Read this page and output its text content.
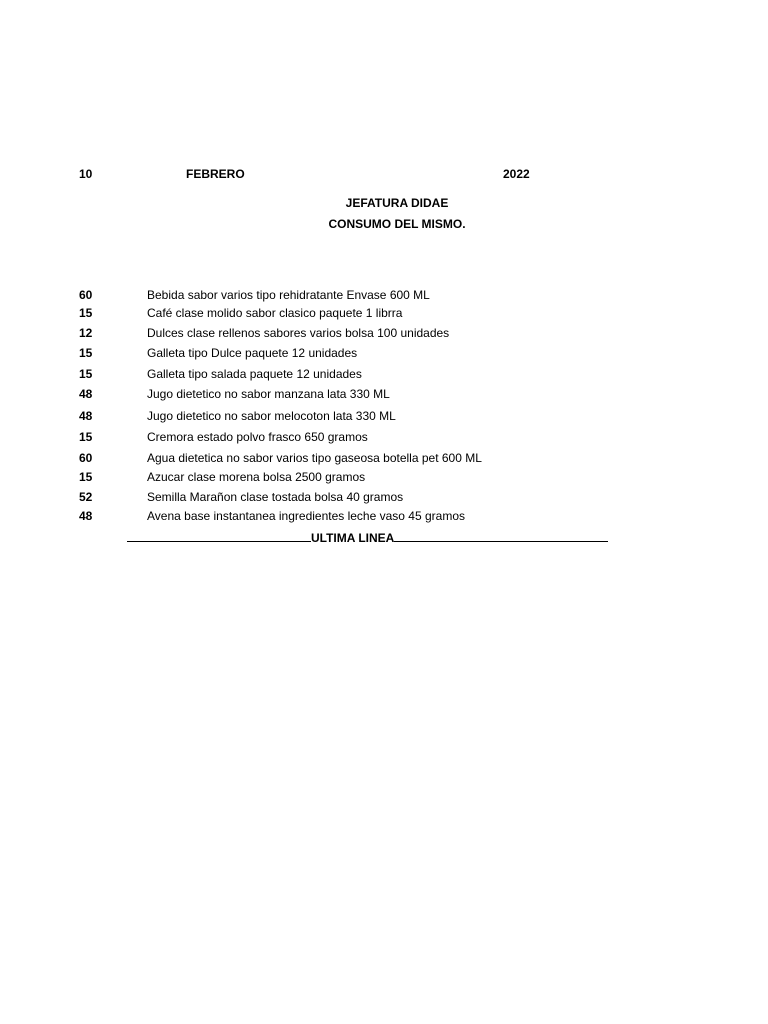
10	FEBRERO	2022
JEFATURA DIDAE
CONSUMO DEL MISMO.
60	Bebida sabor varios tipo rehidratante Envase 600 ML
15	Café clase molido sabor clasico paquete 1 librra
12	Dulces clase rellenos sabores varios bolsa 100 unidades
15	Galleta tipo Dulce paquete 12 unidades
15	Galleta tipo salada paquete 12 unidades
48	Jugo dietetico no sabor manzana lata 330 ML
48	Jugo dietetico no sabor melocoton lata 330 ML
15	Cremora estado polvo frasco 650 gramos
60	Agua dietetica no sabor varios tipo gaseosa botella pet 600 ML
15	Azucar clase morena bolsa 2500 gramos
52	Semilla Marañon clase tostada bolsa 40 gramos
48	Avena base instantanea ingredientes leche vaso 45 gramos
ULTIMA LINEA
